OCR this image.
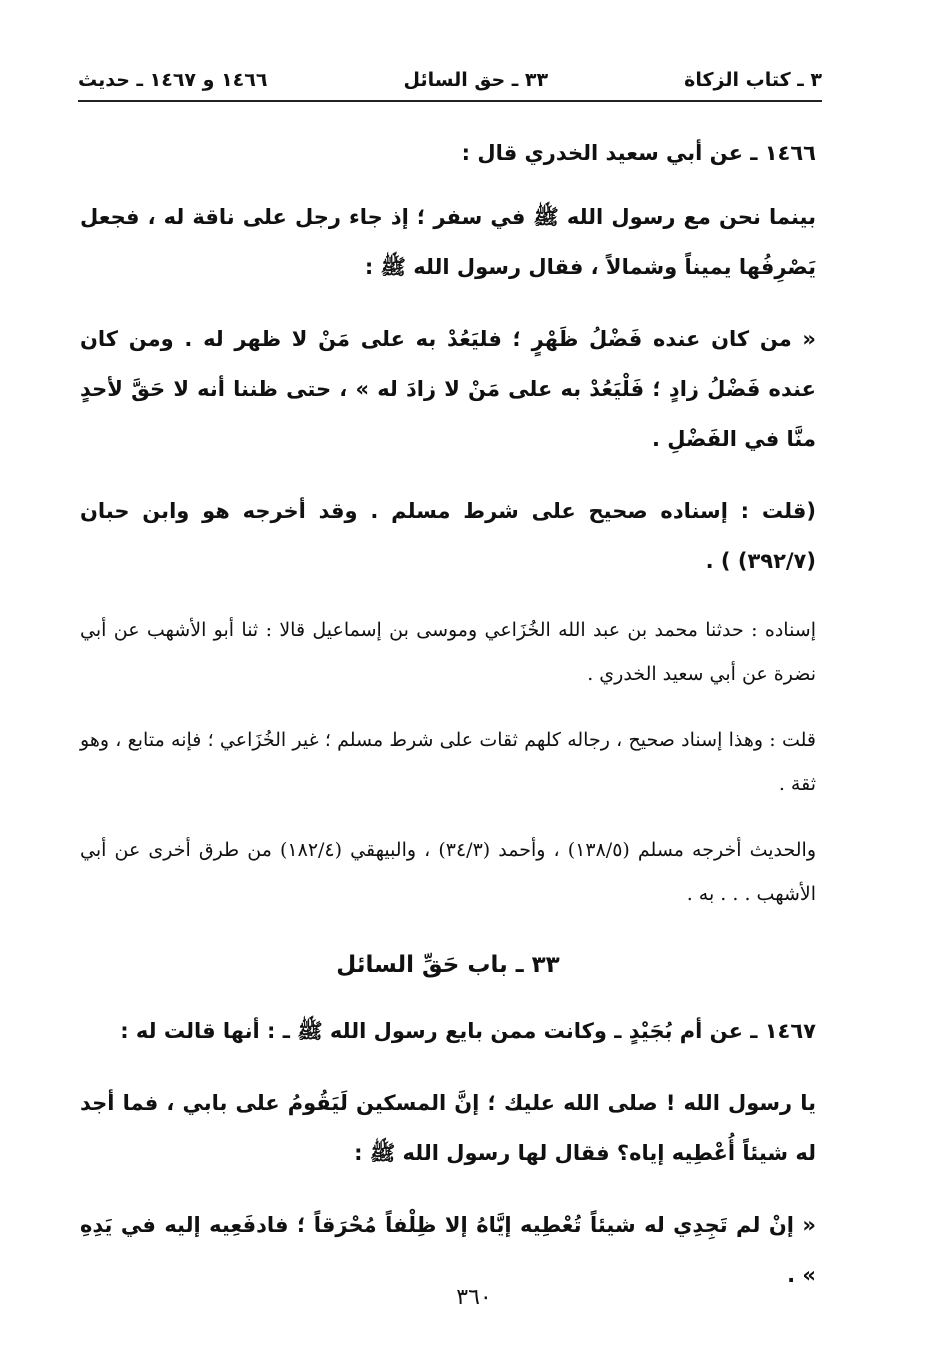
٣ ـ كتاب الزكاة
٣٣ ـ حق السائل
١٤٦٦ و ١٤٦٧ ـ حديث

١٤٦٦ ـ عن أبي سعيد الخدري قال :

بينما نحن مع رسول الله ﷺ في سفر ؛ إذ جاء رجل على ناقة له ، فجعل يَصْرِفُها يميناً وشمالاً ، فقال رسول الله ﷺ :

« من كان عنده فَضْلُ ظَهْرٍ ؛ فليَعُدْ به على مَنْ لا ظهر له . ومن كان عنده فَضْلُ زادٍ ؛ فَلْيَعُدْ به على مَنْ لا زادَ له » ، حتى ظننا أنه لا حَقَّ لأحدٍ منَّا في الفَضْلِ .

(قلت : إسناده صحيح على شرط مسلم . وقد أخرجه هو وابن حبان (٣٩٢/٧) ) .

إسناده : حدثنا محمد بن عبد الله الخُزَاعي وموسى بن إسماعيل قالا : ثنا أبو الأشهب عن أبي نضرة عن أبي سعيد الخدري .

قلت : وهذا إسناد صحيح ، رجاله كلهم ثقات على شرط مسلم ؛ غير الخُزَاعي ؛ فإنه متابع ، وهو ثقة .

والحديث أخرجه مسلم (١٣٨/٥) ، وأحمد (٣٤/٣) ، والبيهقي (١٨٢/٤) من طرق أخرى عن أبي الأشهب . . . به .

٣٣ ـ باب حَقِّ السائل

١٤٦٧ ـ عن أم بُجَيْدٍ ـ وكانت ممن بايع رسول الله ﷺ ـ : أنها قالت له :

يا رسول الله ! صلى الله عليك ؛ إنَّ المسكين لَيَقُومُ على بابي ، فما أجد له شيئاً أُعْطِيه إياه؟ فقال لها رسول الله ﷺ :

« إنْ لم تَجِدِي له شيئاً تُعْطِيه إيَّاهُ إلا ظِلْفاً مُحْرَقاً ؛ فادفَعِيه إليه في يَدِهِ » .

٣٦٠
